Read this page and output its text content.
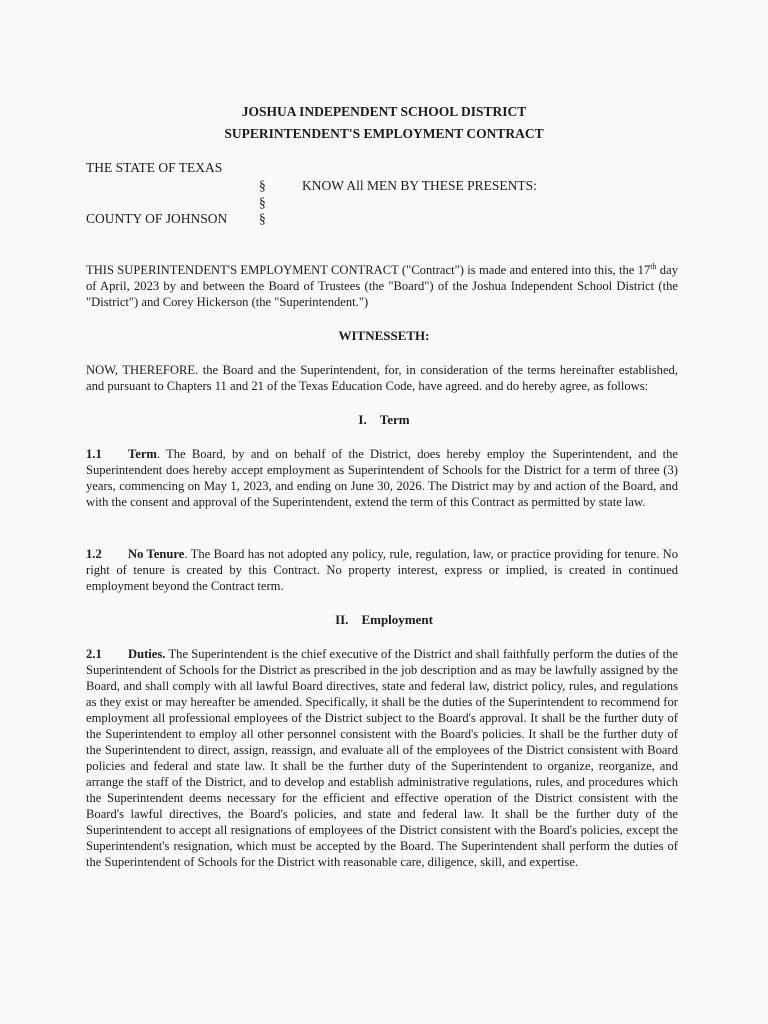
JOSHUA INDEPENDENT SCHOOL DISTRICT
SUPERINTENDENT'S EMPLOYMENT CONTRACT
THE STATE OF TEXAS
§
§
§
KNOW All MEN BY THESE PRESENTS:
COUNTY OF JOHNSON
THIS SUPERINTENDENT'S EMPLOYMENT CONTRACT ("Contract") is made and entered into this, the 17th day of April, 2023 by and between the Board of Trustees (the "Board") of the Joshua Independent School District (the "District") and Corey Hickerson (the "Superintendent.")
WITNESSETH:
NOW, THEREFORE. the Board and the Superintendent, for, in consideration of the terms hereinafter established, and pursuant to Chapters 11 and 21 of the Texas Education Code, have agreed. and do hereby agree, as follows:
I. Term
1.1 Term. The Board, by and on behalf of the District, does hereby employ the Superintendent, and the Superintendent does hereby accept employment as Superintendent of Schools for the District for a term of three (3) years, commencing on May 1, 2023, and ending on June 30, 2026. The District may by and action of the Board, and with the consent and approval of the Superintendent, extend the term of this Contract as permitted by state law.
1.2 No Tenure. The Board has not adopted any policy, rule, regulation, law, or practice providing for tenure. No right of tenure is created by this Contract. No property interest, express or implied, is created in continued employment beyond the Contract term.
II. Employment
2.1 Duties. The Superintendent is the chief executive of the District and shall faithfully perform the duties of the Superintendent of Schools for the District as prescribed in the job description and as may be lawfully assigned by the Board, and shall comply with all lawful Board directives, state and federal law, district policy, rules, and regulations as they exist or may hereafter be amended. Specifically, it shall be the duties of the Superintendent to recommend for employment all professional employees of the District subject to the Board's approval. It shall be the further duty of the Superintendent to employ all other personnel consistent with the Board's policies. It shall be the further duty of the Superintendent to direct, assign, reassign, and evaluate all of the employees of the District consistent with Board policies and federal and state law. It shall be the further duty of the Superintendent to organize, reorganize, and arrange the staff of the District, and to develop and establish administrative regulations, rules, and procedures which the Superintendent deems necessary for the efficient and effective operation of the District consistent with the Board's lawful directives, the Board's policies, and state and federal law. It shall be the further duty of the Superintendent to accept all resignations of employees of the District consistent with the Board's policies, except the Superintendent's resignation, which must be accepted by the Board. The Superintendent shall perform the duties of the Superintendent of Schools for the District with reasonable care, diligence, skill, and expertise.
